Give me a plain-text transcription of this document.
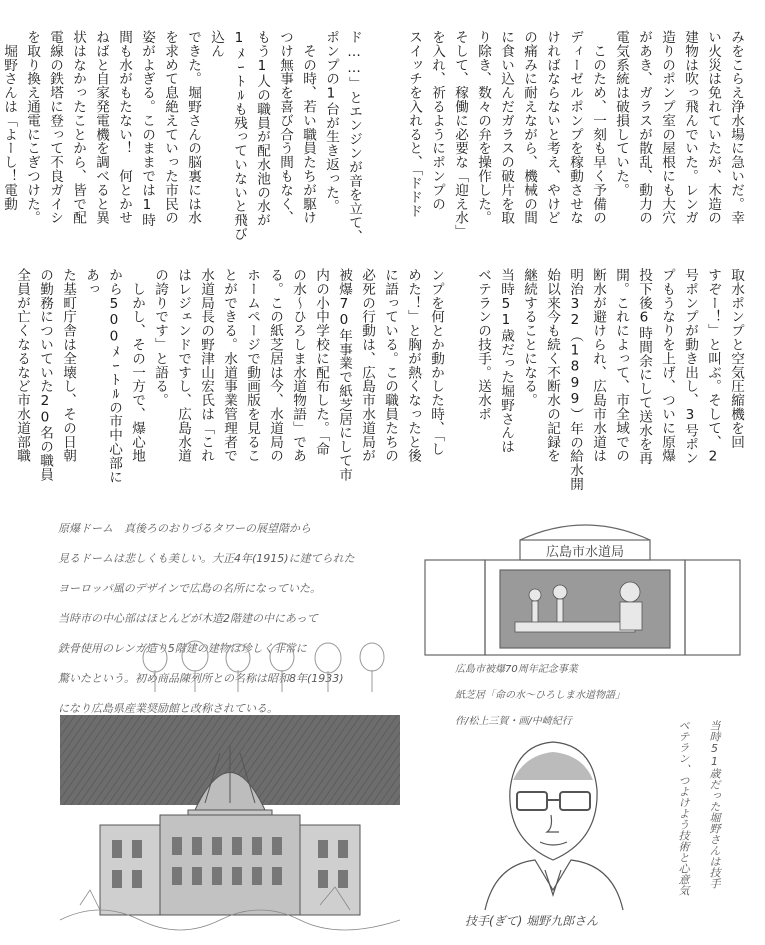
みをこらえ浄水場に急いだ。幸

い火災は免れていたが、木造の

建物は吹っ飛んでいた。レンガ

造りのポンプ室の屋根にも大穴

があき、ガラスが散乱、動力の

電気系統は破損していた。

　このため、一刻も早く予備の

ディーゼルポンプを稼動させな

ければならないと考え、やけど

の痛みに耐えながら、機械の間

に食い込んだガラスの破片を取

り除き、数々の弁を操作した。

そして、稼働に必要な「迎え水」

を入れ、祈るようにポンプの

スイッチを入れると、「ドドド

ド……」とエンジンが音を立て、

ポンプの1台が生き返った。

　その時、若い職員たちが駆け

つけ無事を喜び合う間もなく、

もう1人の職員が配水池の水が

1ﾒｰﾄﾙも残っていないと飛び込ん

できた。堀野さんの脳裏には水

を求めて息絶えていった市民の

姿がよぎる。このままでは1時

間も水がもたない！　何とかせ

ねばと自家発電機を調べると異

状はなかったことから、皆で配

電線の鉄塔に登って不良ガイシ

を取り換え通電にこぎつけた。

　堀野さんは「よーし！電動

取水ポンプと空気圧縮機を回

すぞー！」と叫ぶ。そして、2

号ポンプが動き出し、3号ポン

プもうなりを上げ、ついに原爆

投下後6時間余にして送水を再

開。これによって、市全域での

断水が避けられ、広島市水道は

明治32（1899）年の給水開

始以来今も続く不断水の記録を

継続することになる。

当時51歳だった堀野さんは

ベテランの技手。送水ポ

ンプを何とか動かした時、「し

めた！」と胸が熱くなったと後

に語っている。この職員たちの

必死の行動は、広島市水道局が

被爆70年事業で紙芝居にして市

内の小中学校に配布した。「命

の水〜ひろしま水道物語」であ

る。この紙芝居は今、水道局の

ホームページで動画版を見るこ

とができる。水道事業管理者で

水道局長の野津山宏氏は「これ

はレジェンドですし、広島水道

の誇りです」と語る。

　しかし、その一方で、爆心地

から500ﾒｰﾄﾙの市中心部にあっ

た基町庁舎は全壊し、その日朝

の勤務についていた20名の職員

全員が亡くなるなど市水道部職

原爆ドーム　真後ろのおりづるタワーの展望階から

見るドームは悲しくも美しい。大正4年(1915)に建てられた

ヨーロッパ風のデザインで広島の名所になっていた。

当時市の中心部はほとんどが木造2階建の中にあって

鉄骨使用のレンガ造り5階建の建物は珍しく非常に

驚いたという。初め商品陳列所との名称は昭和8年(1933)

になり広島県産業奨励館と改称されている。

広島市水道局

広島市被爆70周年記念事業

紙芝居「命の水〜ひろしま水道物語」

作/松上三賀・画/中崎紀行

技手(ぎて) 堀野九郎さん

当時51歳だった堀野さんは技手

ベテラン、つよけよう技術と心意気
